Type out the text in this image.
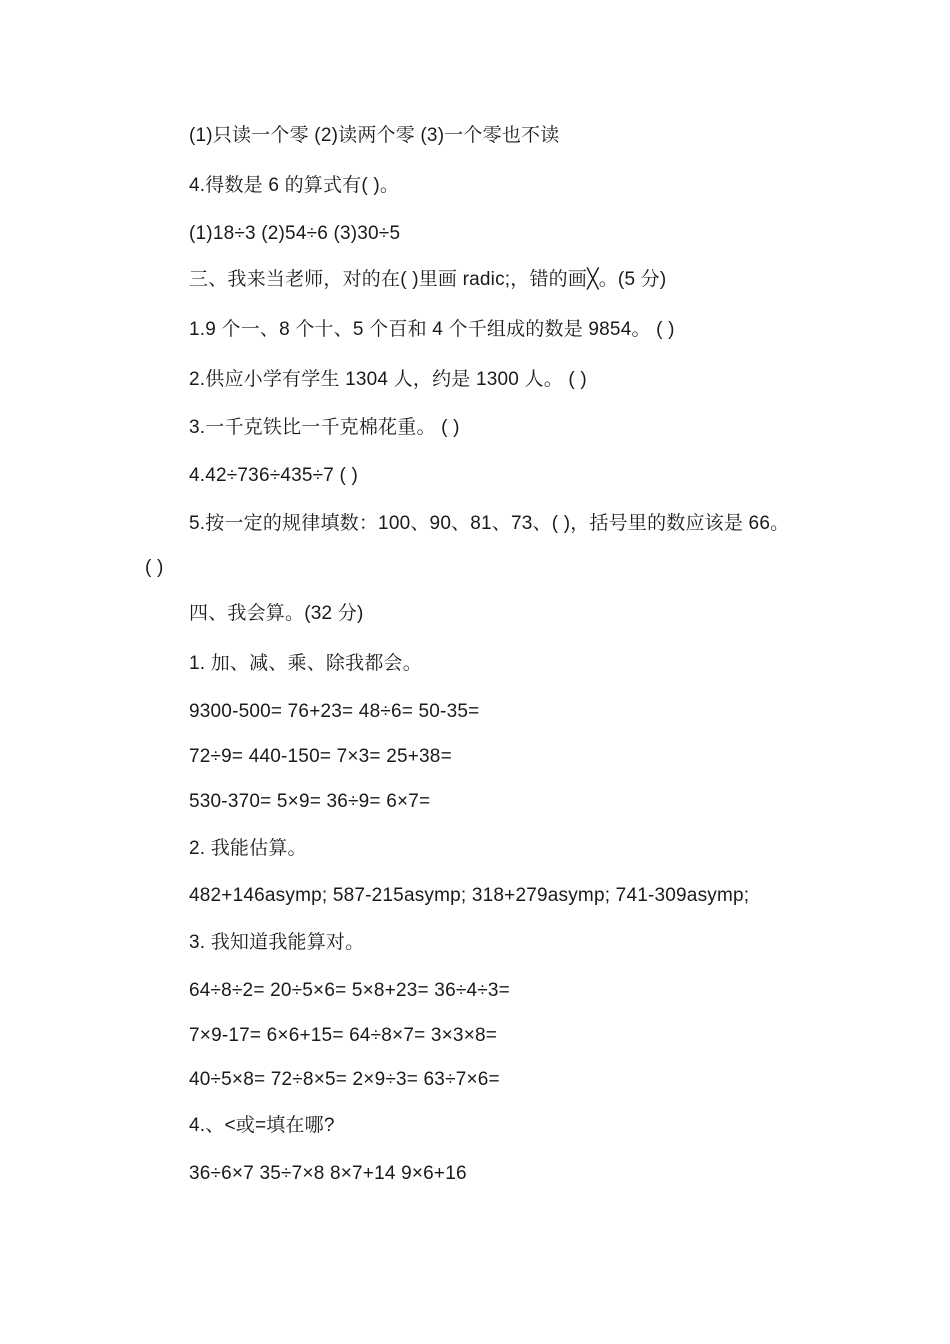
(1)只读一个零 (2)读两个零 (3)一个零也不读
4.得数是 6 的算式有( )。
(1)18÷3 (2)54÷6 (3)30÷5
三、我来当老师，对的在( )里画 radic;，错的画╳。(5 分)
1.9 个一、8 个十、5 个百和 4 个千组成的数是 9854。 ( )
2.供应小学有学生 1304 人，约是 1300 人。 ( )
3.一千克铁比一千克棉花重。 ( )
4.42÷736÷435÷7 ( )
5.按一定的规律填数：100、90、81、73、( )，括号里的数应该是 66。
( )
四、我会算。(32 分)
1. 加、减、乘、除我都会。
9300-500= 76+23= 48÷6= 50-35=
72÷9= 440-150= 7×3= 25+38=
530-370= 5×9= 36÷9= 6×7=
2. 我能估算。
482+146asymp; 587-215asymp; 318+279asymp; 741-309asymp;
3. 我知道我能算对。
64÷8÷2= 20÷5×6= 5×8+23= 36÷4÷3=
7×9-17= 6×6+15= 64÷8×7= 3×3×8=
40÷5×8= 72÷8×5= 2×9÷3= 63÷7×6=
4.、<或=填在哪?
36÷6×7 35÷7×8 8×7+14 9×6+16
